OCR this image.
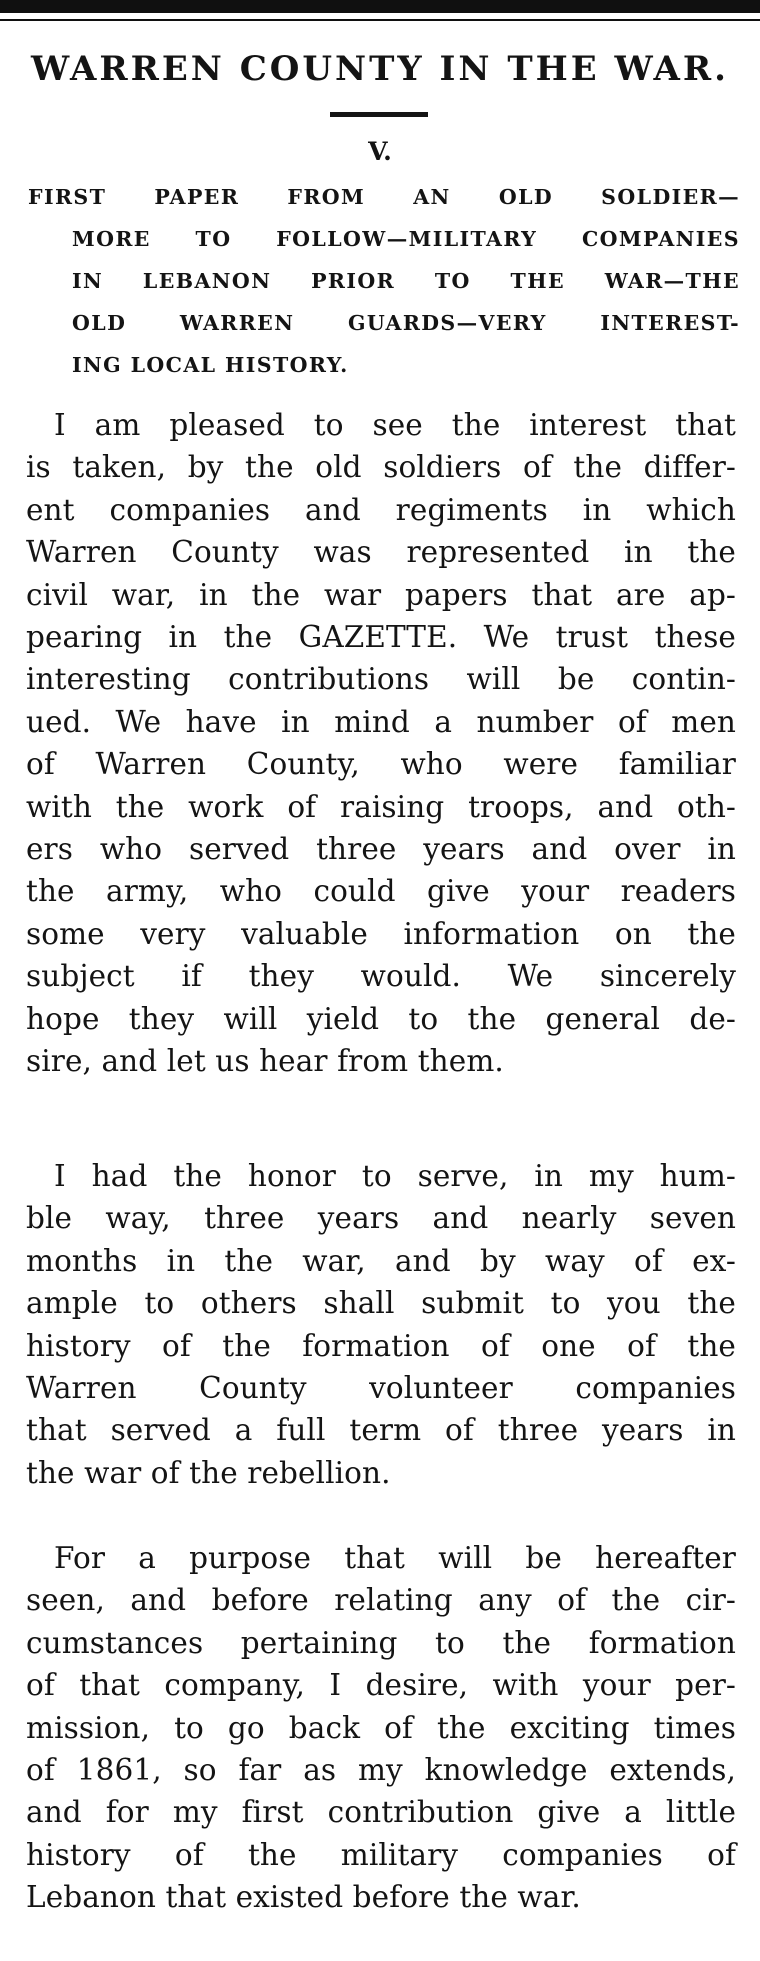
WARREN COUNTY IN THE WAR.
V.
FIRST PAPER FROM AN OLD SOLDIER—
MORE TO FOLLOW—MILITARY COMPANIES
IN LEBANON PRIOR TO THE WAR—THE
OLD WARREN GUARDS—VERY INTEREST-
ING LOCAL HISTORY.
I am pleased to see the interest that
is taken, by the old soldiers of the differ-
ent companies and regiments in which
Warren County was represented in the
civil war, in the war papers that are ap-
pearing in the GAZETTE. We trust these
interesting contributions will be contin-
ued. We have in mind a number of men
of Warren County, who were familiar
with the work of raising troops, and oth-
ers who served three years and over in
the army, who could give your readers
some very valuable information on the
subject if they would. We sincerely
hope they will yield to the general de-
sire, and let us hear from them.
I had the honor to serve, in my hum-
ble way, three years and nearly seven
months in the war, and by way of ex-
ample to others shall submit to you the
history of the formation of one of the
Warren County volunteer companies
that served a full term of three years in
the war of the rebellion.
For a purpose that will be hereafter
seen, and before relating any of the cir-
cumstances pertaining to the formation
of that company, I desire, with your per-
mission, to go back of the exciting times
of 1861, so far as my knowledge extends,
and for my first contribution give a little
history of the military companies of
Lebanon that existed before the war.
